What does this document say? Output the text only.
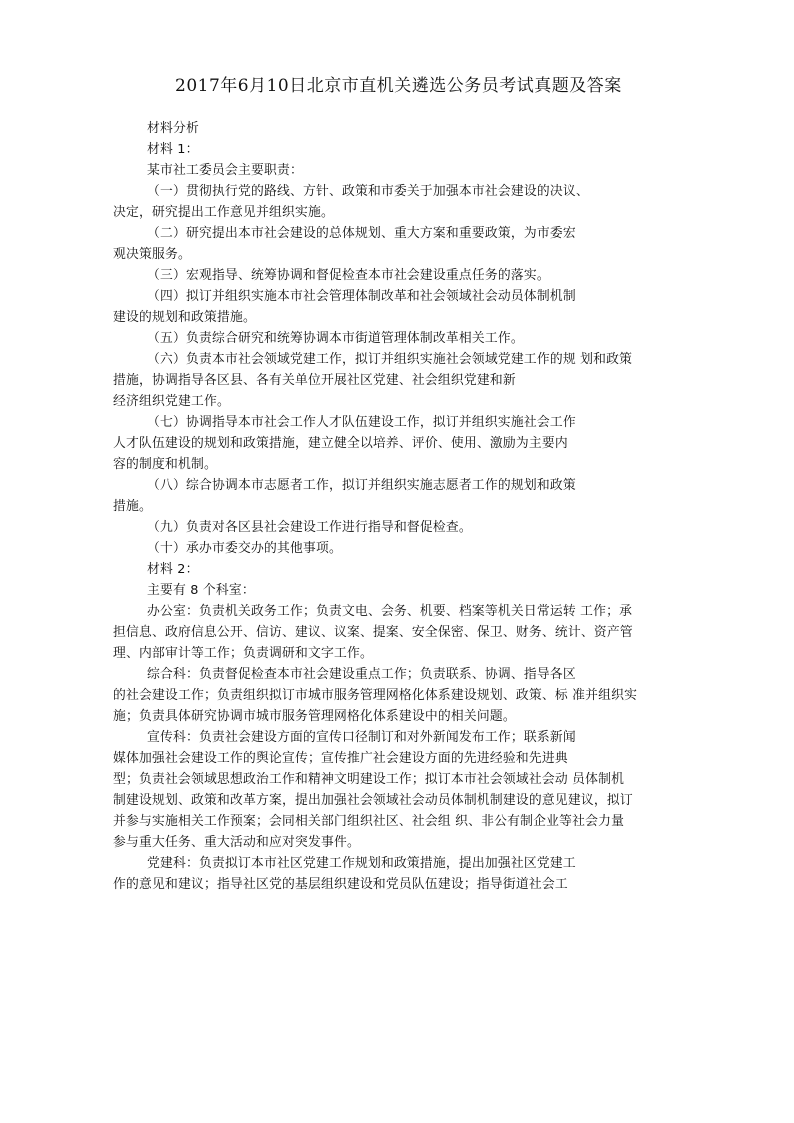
2017年6月10日北京市直机关遴选公务员考试真题及答案
材料分析
材料 1：
某市社工委员会主要职责：
（一）贯彻执行党的路线、方针、政策和市委关于加强本市社会建设的决议、
决定，研究提出工作意见并组织实施。
（二）研究提出本市社会建设的总体规划、重大方案和重要政策，为市委宏
观决策服务。
（三）宏观指导、统筹协调和督促检查本市社会建设重点任务的落实。
（四）拟订并组织实施本市社会管理体制改革和社会领域社会动员体制机制
建设的规划和政策措施。
（五）负责综合研究和统筹协调本市街道管理体制改革相关工作。
（六）负责本市社会领域党建工作，拟订并组织实施社会领域党建工作的规 划和政策
措施，协调指导各区县、各有关单位开展社区党建、社会组织党建和新
经济组织党建工作。
（七）协调指导本市社会工作人才队伍建设工作，拟订并组织实施社会工作
人才队伍建设的规划和政策措施，建立健全以培养、评价、使用、激励为主要内
容的制度和机制。
（八）综合协调本市志愿者工作，拟订并组织实施志愿者工作的规划和政策
措施。
（九）负责对各区县社会建设工作进行指导和督促检查。
（十）承办市委交办的其他事项。
材料 2：
主要有 8 个科室：
办公室：负责机关政务工作；负责文电、会务、机要、档案等机关日常运转 工作；承
担信息、政府信息公开、信访、建议、议案、提案、安全保密、保卫、财务、统计、资产管
理、内部审计等工作；负责调研和文字工作。
综合科：负责督促检查本市社会建设重点工作；负责联系、协调、指导各区
的社会建设工作；负责组织拟订市城市服务管理网格化体系建设规划、政策、标 准并组织实
施；负责具体研究协调市城市服务管理网格化体系建设中的相关问题。
宣传科：负责社会建设方面的宣传口径制订和对外新闻发布工作；联系新闻
媒体加强社会建设工作的舆论宣传；宣传推广社会建设方面的先进经验和先进典
型；负责社会领域思想政治工作和精神文明建设工作；拟订本市社会领域社会动 员体制机
制建设规划、政策和改革方案，提出加强社会领域社会动员体制机制建设的意见建议，拟订
并参与实施相关工作预案；会同相关部门组织社区、社会组 织、非公有制企业等社会力量
参与重大任务、重大活动和应对突发事件。
党建科：负责拟订本市社区党建工作规划和政策措施，提出加强社区党建工
作的意见和建议；指导社区党的基层组织建设和党员队伍建设；指导街道社会工
